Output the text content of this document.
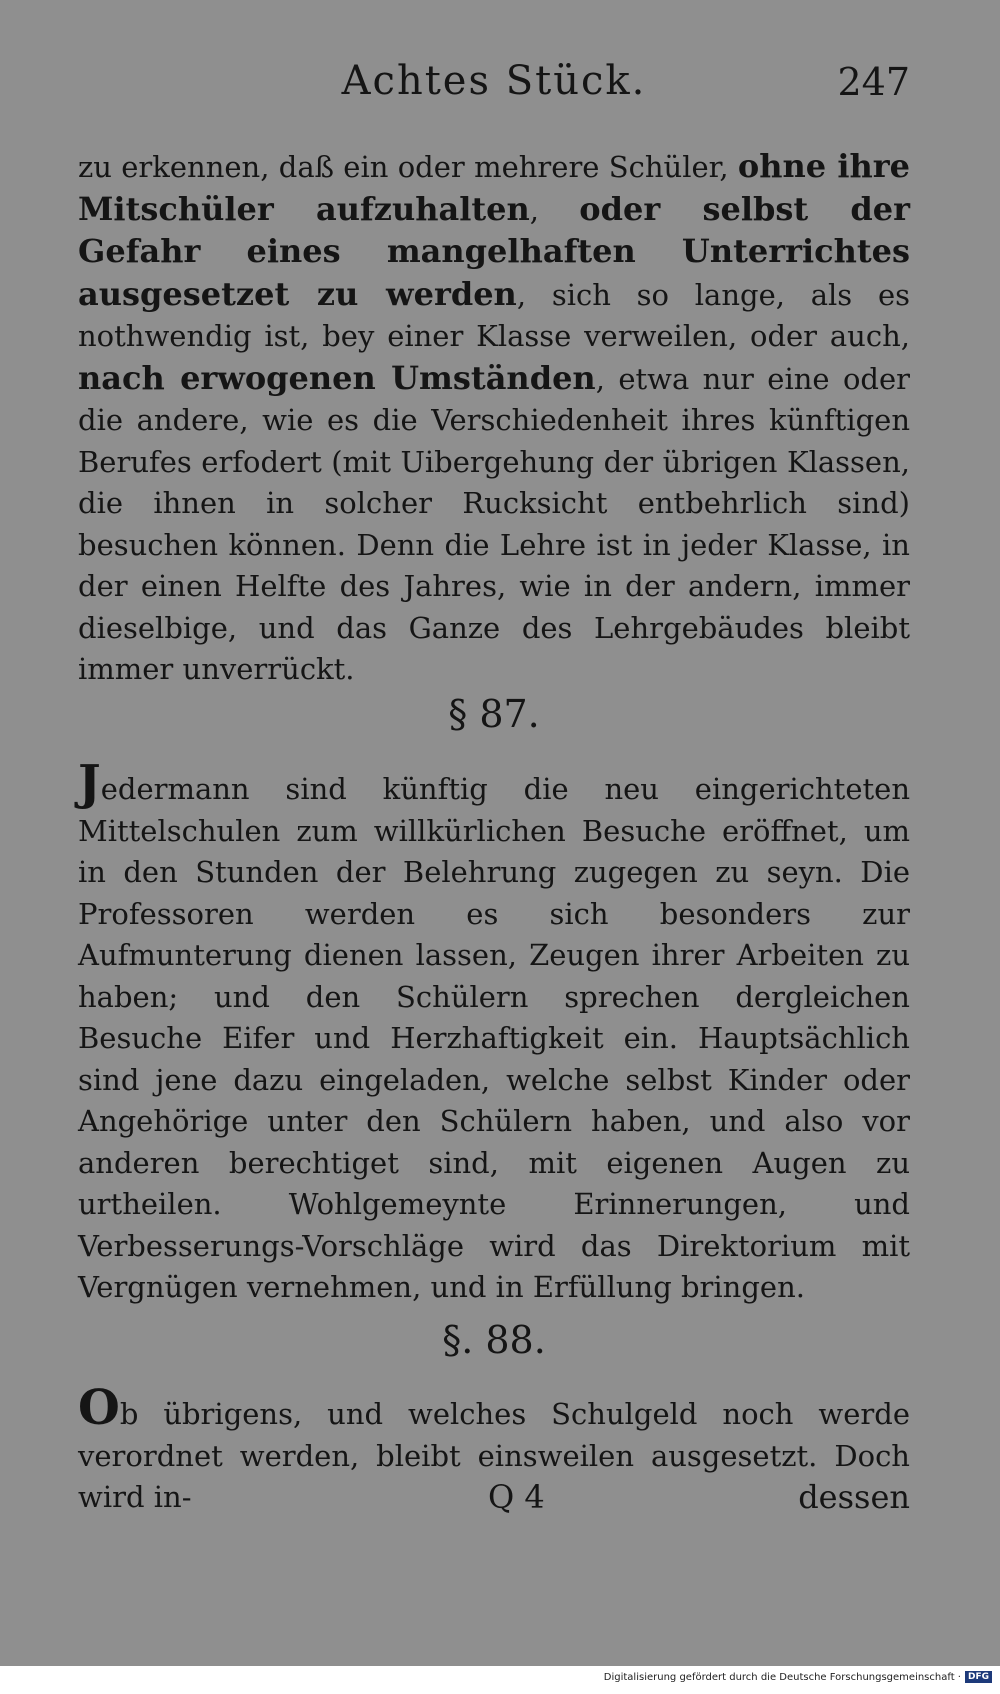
Achtes Stück.	247

zu erkennen, daß ein oder mehrere Schüler, ohne ihre Mitschüler aufzuhalten, oder selbst der Gefahr eines mangelhaften Unterrichtes ausgesetzet zu werden, sich so lange, als es nothwendig ist, bey einer Klasse verweilen, oder auch, nach erwogenen Umständen, etwa nur eine oder die andere, wie es die Verschiedenheit ihres künftigen Berufes erfodert (mit Uibergehung der übrigen Klassen, die ihnen in solcher Rucksicht entbehrlich sind) besuchen können. Denn die Lehre ist in jeder Klasse, in der einen Helfte des Jahres, wie in der andern, immer dieselbige, und das Ganze des Lehrgebäudes bleibt immer unverrückt.

§ 87.

Jedermann sind künftig die neu eingerichteten Mittelschulen zum willkürlichen Besuche eröffnet, um in den Stunden der Belehrung zugegen zu seyn. Die Professoren werden es sich besonders zur Aufmunterung dienen lassen, Zeugen ihrer Arbeiten zu haben; und den Schülern sprechen dergleichen Besuche Eifer und Herzhaftigkeit ein. Hauptsächlich sind jene dazu eingeladen, welche selbst Kinder oder Angehörige unter den Schülern haben, und also vor anderen berechtiget sind, mit eigenen Augen zu urtheilen. Wohlgemeynte Erinnerungen, und Verbesserungs-Vorschläge wird das Direktorium mit Vergnügen vernehmen, und in Erfüllung bringen.

§. 88.

Ob übrigens, und welches Schulgeld noch werde verordnet werden, bleibt einsweilen ausgesetzt. Doch wird in-	Q 4	dessen
Digitalisierung gefördert durch die Deutsche Forschungsgemeinschaft · DFG
